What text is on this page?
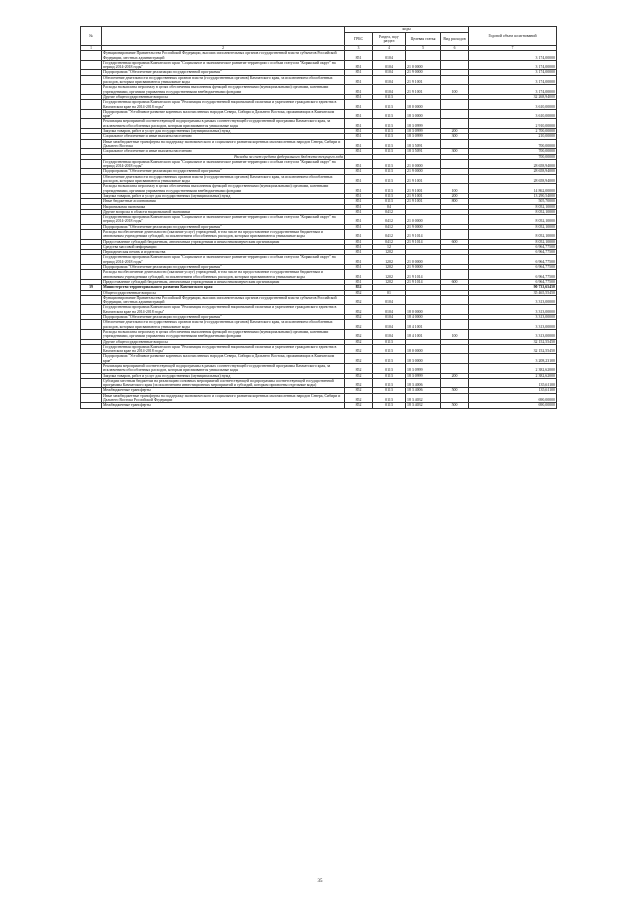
№		коды				Годовой объем ассигнований
		ГРБС	Раздел, под-раздел	Целевая статья	Вид расходов	
1	2	3	4	5	6	7
	Функционирование Правительства Российской Федерации, высших исполнительных органов государственной власти субъектов Российской Федерации, местных администраций	851	0104			3 174,00000
	Государственная программа Камчатского края "Социальное и экономическое развитие территории с особым статусом "Корякский округ" на период 2014-2018 годы"	851	0104	21 0 0000		3 174,00000
	Подпрограмма "Обеспечение реализации государственной программы"	851	0104	21 9 0000		3 174,00000
	Обеспечение деятельности государственных органов власти (государственных органов) Камчатского края, за исключением обособленных расходов, которым присваиваются уникальные коды	851	0104	21 9 1001		3 174,00000
	Расходы на выплаты персоналу в целях обеспечения выполнения функций государственными (муниципальными) органами, казенными учреждениями, органами управления государственными внебюджетными фондами	851	0104	21 9 1001	100	3 174,00000
	Другие общегосударственные вопросы	851	0113			32 268,94000
	Государственная программа Камчатского края "Реализация государственной национальной политики и укрепление гражданского единства в Камчатском крае на 2014-2018 годы"	851	0113	18 0 0000		3 610,00000
	Подпрограмма "Устойчивое развитие коренных малочисленных народов Севера, Сибири и Дальнего Востока, проживающих в Камчатском крае"	851	0113	18 3 0000		3 610,00000
	Реализация мероприятий соответствующей подпрограммы в рамках соответствующей государственной программы Камчатского края, за исключением обособленных расходов, которым присваиваются уникальные коды	851	0113	18 3 0999		2 910,00000
	Закупка товаров, работ и услуг для государственных (муниципальных) нужд	851	0113	18 3 0999	200	2 700,00000
	Социальное обеспечение и иные выплаты населению	851	0113	18 3 0999	300	210,00000
	Иные межбюджетные трансферты на поддержку экономического и социального развития коренных малочисленных народов Севера, Сибири и Дальнего Востока	851	0113	18 3 5091		700,00000
	Социальное обеспечение и иные выплаты населению	851	0113	18 3 5091	300	700,00000
	Расходы за счет средств федерального бюджета текущего года					700,00000
	Государственная программа Камчатского края "Социальное и экономическое развитие территории с особым статусом "Корякский округ" на период 2014-2018 годы"	851	0113	21 0 0000		28 658,94000
	Подпрограмма "Обеспечение реализации государственной программы"	851	0113	21 9 0000		28 658,94000
	Обеспечение деятельности государственных органов власти (государственных органов) Камчатского края, за исключением обособленных расходов, которым присваиваются уникальные коды	851	0113	21 9 1001		28 658,94000
	Расходы на выплаты персоналу в целях обеспечения выполнения функций государственными (муниципальными) органами, казенными учреждениями, органами управления государственными внебюджетными фондами	851	0113	21 9 1001	100	14 862,00000
	Закупка товаров, работ и услуг для государственных (муниципальных) нужд	851	0113	21 9 1001	200	13 290,54000
	Иные бюджетные ассигнования	851	0113	21 9 1001	800	505,70000
	Национальная экономика	851	04			8 052,10000
	Другие вопросы в области национальной экономики	851	0412			8 052,10000
	Государственная программа Камчатского края "Социальное и экономическое развитие территории с особым статусом "Корякский округ" на период 2014-2018 годы"	851	0412	21 0 0000		8 052,10000
	Подпрограмма "Обеспечение реализации государственной программы"	851	0412	21 9 0000		8 052,10000
	Расходы на обеспечение деятельности (оказание услуг) учреждений, в том числе на предоставление государственным бюджетным и автономным учреждениям субсидий, за исключением обособленных расходов, которым присваиваются уникальные коды	851	0412	21 9 1014		8 052,10000
	Предоставление субсидий бюджетным, автономным учреждениям и иным некоммерческим организациям	851	0412	21 9 1014	600	8 052,10000
	Средства массовой информации	851	12			6 964,77500
	Периодическая печать и издательства	851	1202			6 964,77500
	Государственная программа Камчатского края "Социальное и экономическое развитие территории с особым статусом "Корякский округ" на период 2014-2018 годы"	851	1202	21 0 0000		6 964,77500
	Подпрограмма "Обеспечение реализации государственной программы"	851	1202	21 9 0000		6 964,77500
	Расходы на обеспечение деятельности (оказание услуг) учреждений, в том числе на предоставление государственным бюджетным и автономным учреждениям субсидий, за исключением обособленных расходов, которым присваиваются уникальные коды	851	1202	21 9 1014		6 964,77500
	Предоставление субсидий бюджетным, автономным учреждениям и иным некоммерческим организациям	851	1202	21 9 1014	600	6 964,77500
39	Министерство территориального развития Камчатского края	852				90 733,65450
	Общегосударственные вопросы	852	01			35 465,55450
	Функционирование Правительства Российской Федерации, высших исполнительных органов государственной власти субъектов Российской Федерации, местных администраций	852	0104			3 313,00000
	Государственная программа Камчатского края "Реализация государственной национальной политики и укрепление гражданского единства в Камчатском крае на 2014-2018 годы"	852	0104	18 0 0000		3 313,00000
	Подпрограмма "Обеспечение реализации государственной программы"	852	0104	18 4 0000		3 313,00000
	Обеспечение деятельности государственных органов власти (государственных органов) Камчатского края, за исключением обособленных расходов, которым присваиваются уникальные коды	852	0104	18 4 1001		3 313,00000
	Расходы на выплаты персоналу в целях обеспечения выполнения функций государственными (муниципальными) органами, казенными учреждениями, органами управления государственными внебюджетными фондами	852	0104	18 4 1001	100	3 313,00000
	Другие общегосударственные вопросы	852	0113			32 152,55450
	Государственная программа Камчатского края "Реализация государственной национальной политики и укрепление гражданского единства в Камчатском крае на 2014-2018 годы"	852	0113	18 0 0000		32 152,55450
	Подпрограмма "Устойчивое развитие коренных малочисленных народов Севера, Сибири и Дальнего Востока, проживающих в Камчатском крае"	852	0113	18 3 0000		3 208,23100
	Реализация мероприятий соответствующей подпрограммы в рамках соответствующей государственной программы Камчатского края, за исключением обособленных расходов, которым присваиваются уникальные коды	852	0113	18 3 0999		2 382,62000
	Закупка товаров, работ и услуг для государственных (муниципальных) нужд	852	0113	18 3 0999	200	2 382,62000
	Субсидии местным бюджетам на реализацию основных мероприятий соответствующей подпрограммы соответствующей государственной программы Камчатского края (за исключением инвестиционных мероприятий и субсидий, которым присвоены отдельные коды)	852	0113	18 3 4006		135,61100
	Межбюджетные трансферты	852	0113	18 3 4006	500	135,61100
	Иные межбюджетные трансферты на поддержку экономического и социального развития коренных малочисленных народов Севера, Сибири и Дальнего Востока Российской Федерации	852	0113	18 3 4032		690,00000
	Межбюджетные трансферты	852	0113	18 3 4032	500	690,00000
35
